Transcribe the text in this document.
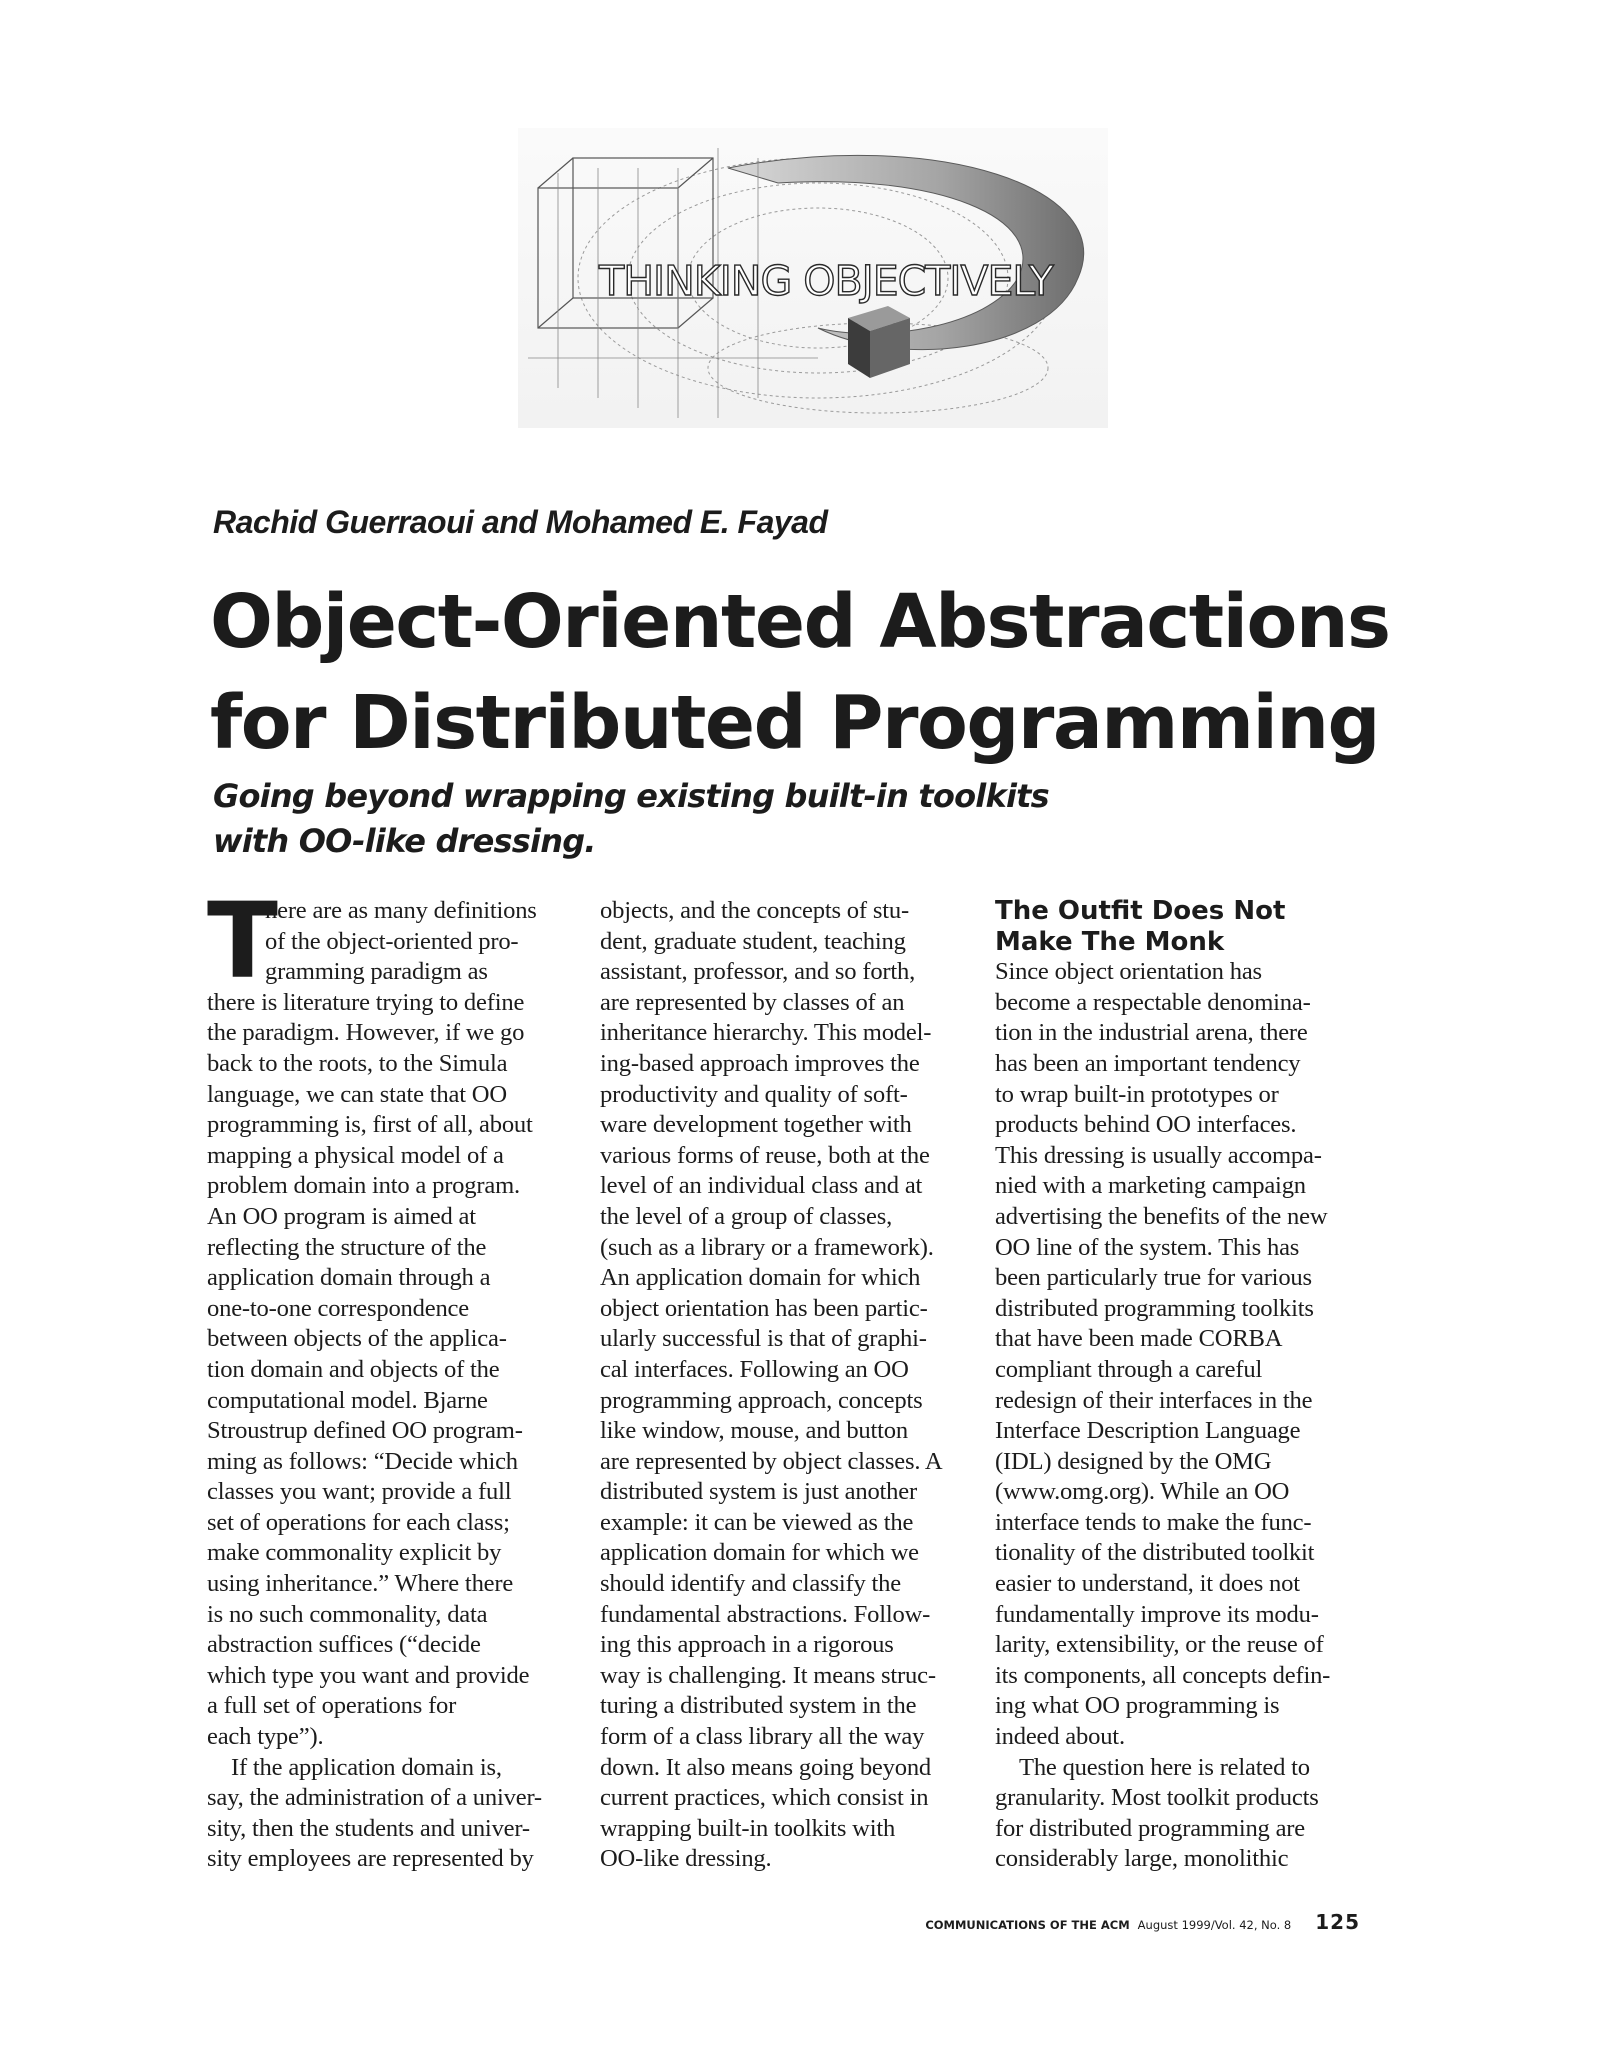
THINKING OBJECTIVELY
Rachid Guerraoui and Mohamed E. Fayad
Object-Oriented Abstractions
for Distributed Programming
Going beyond wrapping existing built-in toolkits
with OO-like dressing.
T
here are as many definitions
of the object-oriented pro-
gramming paradigm as
there is literature trying to define
the paradigm. However, if we go
back to the roots, to the Simula
language, we can state that OO
programming is, first of all, about
mapping a physical model of a
problem domain into a program.
An OO program is aimed at
reflecting the structure of the
application domain through a
one-to-one correspondence
between objects of the applica-
tion domain and objects of the
computational model. Bjarne
Stroustrup defined OO program-
ming as follows: “Decide which
classes you want; provide a full
set of operations for each class;
make commonality explicit by
using inheritance.” Where there
is no such commonality, data
abstraction suffices (“decide
which type you want and provide
a full set of operations for
each type”).
If the application domain is,
say, the administration of a univer-
sity, then the students and univer-
sity employees are represented by
objects, and the concepts of stu-
dent, graduate student, teaching
assistant, professor, and so forth,
are represented by classes of an
inheritance hierarchy. This model-
ing-based approach improves the
productivity and quality of soft-
ware development together with
various forms of reuse, both at the
level of an individual class and at
the level of a group of classes,
(such as a library or a framework).
An application domain for which
object orientation has been partic-
ularly successful is that of graphi-
cal interfaces. Following an OO
programming approach, concepts
like window, mouse, and button
are represented by object classes. A
distributed system is just another
example: it can be viewed as the
application domain for which we
should identify and classify the
fundamental abstractions. Follow-
ing this approach in a rigorous
way is challenging. It means struc-
turing a distributed system in the
form of a class library all the way
down. It also means going beyond
current practices, which consist in
wrapping built-in toolkits with
OO-like dressing.
The Outfit Does Not
Make The Monk
Since object orientation has
become a respectable denomina-
tion in the industrial arena, there
has been an important tendency
to wrap built-in prototypes or
products behind OO interfaces.
This dressing is usually accompa-
nied with a marketing campaign
advertising the benefits of the new
OO line of the system. This has
been particularly true for various
distributed programming toolkits
that have been made CORBA
compliant through a careful
redesign of their interfaces in the
Interface Description Language
(IDL) designed by the OMG
(www.omg.org). While an OO
interface tends to make the func-
tionality of the distributed toolkit
easier to understand, it does not
fundamentally improve its modu-
larity, extensibility, or the reuse of
its components, all concepts defin-
ing what OO programming is
indeed about.
The question here is related to
granularity. Most toolkit products
for distributed programming are
considerably large, monolithic
COMMUNICATIONS OF THE ACM August 1999/Vol. 42, No. 8 125
